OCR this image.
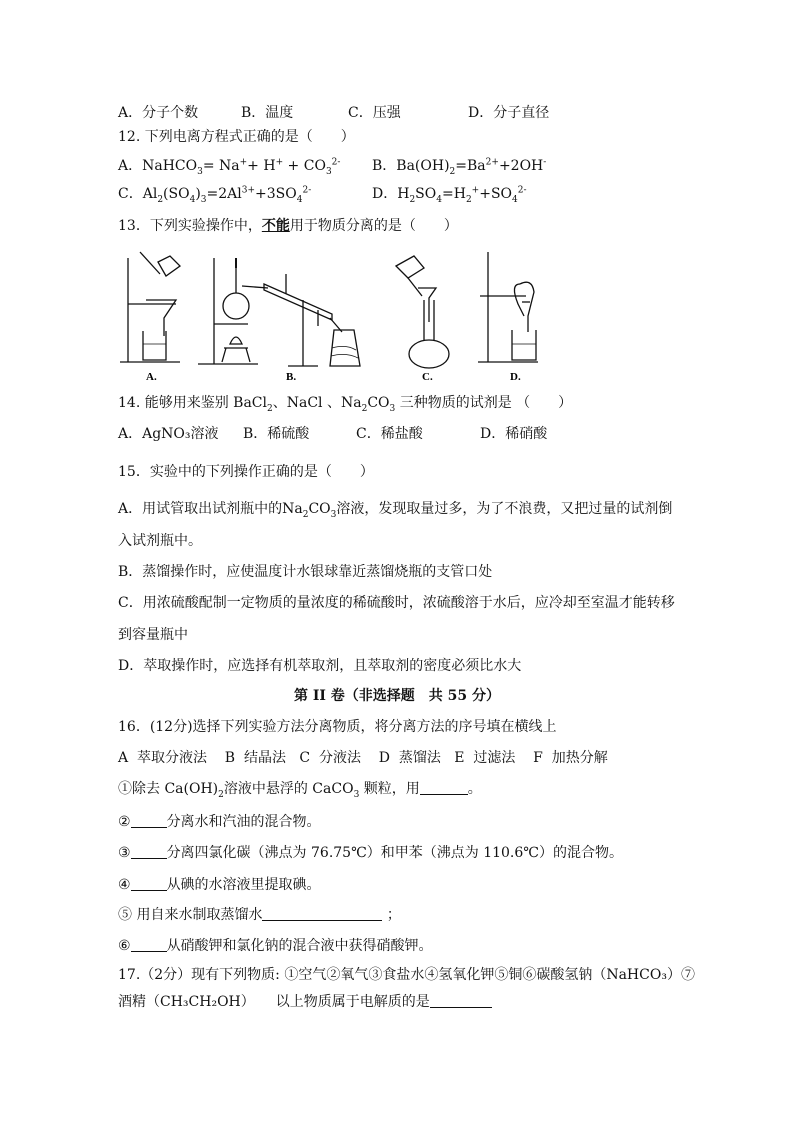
A．分子个数	B．温度	C．压强	D．分子直径
12. 下列电离方程式正确的是（　　）
A．NaHCO$_3$= $Na^++ H^+ + CO_3^{2-}$ B．$Ba(OH)_2=Ba^{2+}+2OH^-$
C．$Al_2(SO_4)_3=2Al^{3+}+3SO_4^{2-}$	D．$H_2SO_4=H_2^++SO_4^{2-}$
13．下列实验操作中，不能用于物质分离的是（　　）
A.	B.	C.	D.
14. 能够用来鉴别 BaCl$_2$、NaCl 、$Na_2CO_3$ 三种物质的试剂是 （　　）
A．AgNO₃溶液 B．稀硫酸	C．稀盐酸	D．稀硝酸
15．实验中的下列操作正确的是（　　）
A．用试管取出试剂瓶中的$Na_2CO_3$溶液，发现取量过多，为了不浪费，又把过量的试剂倒
入试剂瓶中。
B．蒸馏操作时，应使温度计水银球靠近蒸馏烧瓶的支管口处
C．用浓硫酸配制一定物质的量浓度的稀硫酸时，浓硫酸溶于水后，应冷却至室温才能转移
到容量瓶中
D．萃取操作时，应选择有机萃取剂，且萃取剂的密度必须比水大
第 II 卷（非选择题　共 55 分）
16．(12分)选择下列实验方法分离物质，将分离方法的序号填在横线上
A  萃取分液法    B  结晶法   C  分液法    D  蒸馏法   E  过滤法    F  加热分解
①除去 $Ca(OH)_2$溶液中悬浮的 CaCO$_3$ 颗粒，用	。
②	分离水和汽油的混合物。
③	分离四氯化碳（沸点为 76.75℃）和甲苯（沸点为 110.6℃）的混合物。
④	从碘的水溶液里提取碘。
⑤ 用自来水制取蒸馏水	；
⑥	从硝酸钾和氯化钠的混合液中获得硝酸钾。
17.（2分）现有下列物质: ①空气②氧气③食盐水④氢氧化钾⑤铜⑥碳酸氢钠（NaHCO₃）⑦
酒精（CH₃CH₂OH）　　以上物质属于电解质的是
